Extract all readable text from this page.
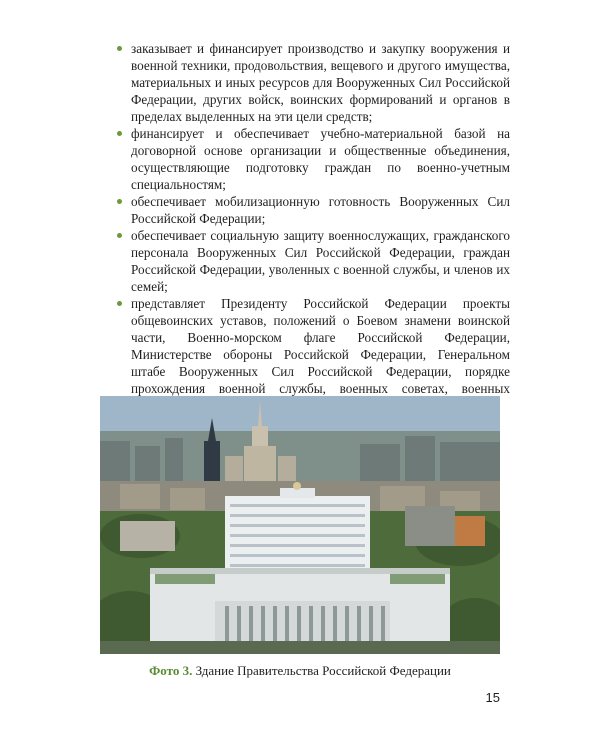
заказывает и финансирует производство и закупку вооружения и военной техники, продовольствия, вещевого и другого имущества, материальных и иных ресурсов для Вооруженных Сил Российской Федерации, других войск, воинских формирований и органов в пределах выделенных на эти цели средств;
финансирует и обеспечивает учебно-материальной базой на договорной основе организации и общественные объединения, осуществляющие подготовку граждан по военно-учетным специальностям;
обеспечивает мобилизационную готовность Вооруженных Сил Российской Федерации;
обеспечивает социальную защиту военнослужащих, гражданского персонала Вооруженных Сил Российской Федерации, граждан Российской Федерации, уволенных с военной службы, и членов их семей;
представляет Президенту Российской Федерации проекты общевоинских уставов, положений о Боевом знамени воинской части, Военно-морском флаге Российской Федерации, Министерстве обороны Российской Федерации, Генеральном штабе Вооруженных Сил Российской Федерации, порядке прохождения военной службы, военных советах, военных
Фото 3. Здание Правительства Российской Федерации
15
